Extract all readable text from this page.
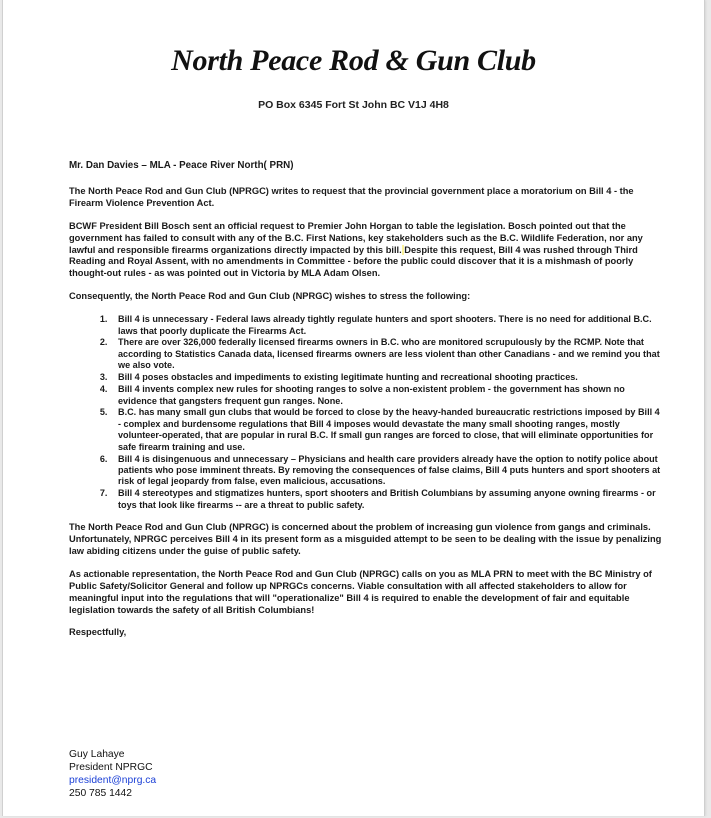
North Peace Rod & Gun Club
PO Box 6345 Fort St John BC V1J 4H8

Mr. Dan Davies – MLA - Peace River North( PRN)

The North Peace Rod and Gun Club (NPRGC) writes to request that the provincial government place a moratorium on Bill 4 - the Firearm Violence Prevention Act.

BCWF President Bill Bosch sent an official request to Premier John Horgan to table the legislation. Bosch pointed out that the government has failed to consult with any of the B.C. First Nations, key stakeholders such as the B.C. Wildlife Federation, nor any lawful and responsible firearms organizations directly impacted by this bill. Despite this request, Bill 4 was rushed through Third Reading and Royal Assent, with no amendments in Committee - before the public could discover that it is a mishmash of poorly thought-out rules - as was pointed out in Victoria by MLA Adam Olsen.

Consequently, the North Peace Rod and Gun Club (NPRGC) wishes to stress the following:

1. Bill 4 is unnecessary - Federal laws already tightly regulate hunters and sport shooters. There is no need for additional B.C. laws that poorly duplicate the Firearms Act.
2. There are over 326,000 federally licensed firearms owners in B.C. who are monitored scrupulously by the RCMP. Note that according to Statistics Canada data, licensed firearms owners are less violent than other Canadians - and we remind you that we also vote.
3. Bill 4 poses obstacles and impediments to existing legitimate hunting and recreational shooting practices.
4. Bill 4 invents complex new rules for shooting ranges to solve a non-existent problem - the government has shown no evidence that gangsters frequent gun ranges. None.
5. B.C. has many small gun clubs that would be forced to close by the heavy-handed bureaucratic restrictions imposed by Bill 4 - complex and burdensome regulations that Bill 4 imposes would devastate the many small shooting ranges, mostly volunteer-operated, that are popular in rural B.C. If small gun ranges are forced to close, that will eliminate opportunities for safe firearm training and use.
6. Bill 4 is disingenuous and unnecessary – Physicians and health care providers already have the option to notify police about patients who pose imminent threats. By removing the consequences of false claims, Bill 4 puts hunters and sport shooters at risk of legal jeopardy from false, even malicious, accusations.
7. Bill 4 stereotypes and stigmatizes hunters, sport shooters and British Columbians by assuming anyone owning firearms - or toys that look like firearms -- are a threat to public safety.

The North Peace Rod and Gun Club (NPRGC) is concerned about the problem of increasing gun violence from gangs and criminals. Unfortunately, NPRGC perceives Bill 4 in its present form as a misguided attempt to be seen to be dealing with the issue by penalizing law abiding citizens under the guise of public safety.

As actionable representation, the North Peace Rod and Gun Club (NPRGC) calls on you as MLA PRN to meet with the BC Ministry of Public Safety/Solicitor General and follow up NPRGCs concerns. Viable consultation with all affected stakeholders to allow for meaningful input into the regulations that will "operationalize" Bill 4 is required to enable the development of fair and equitable legislation towards the safety of all British Columbians!

Respectfully,

Guy Lahaye
President NPRGC
president@nprg.ca
250 785 1442
